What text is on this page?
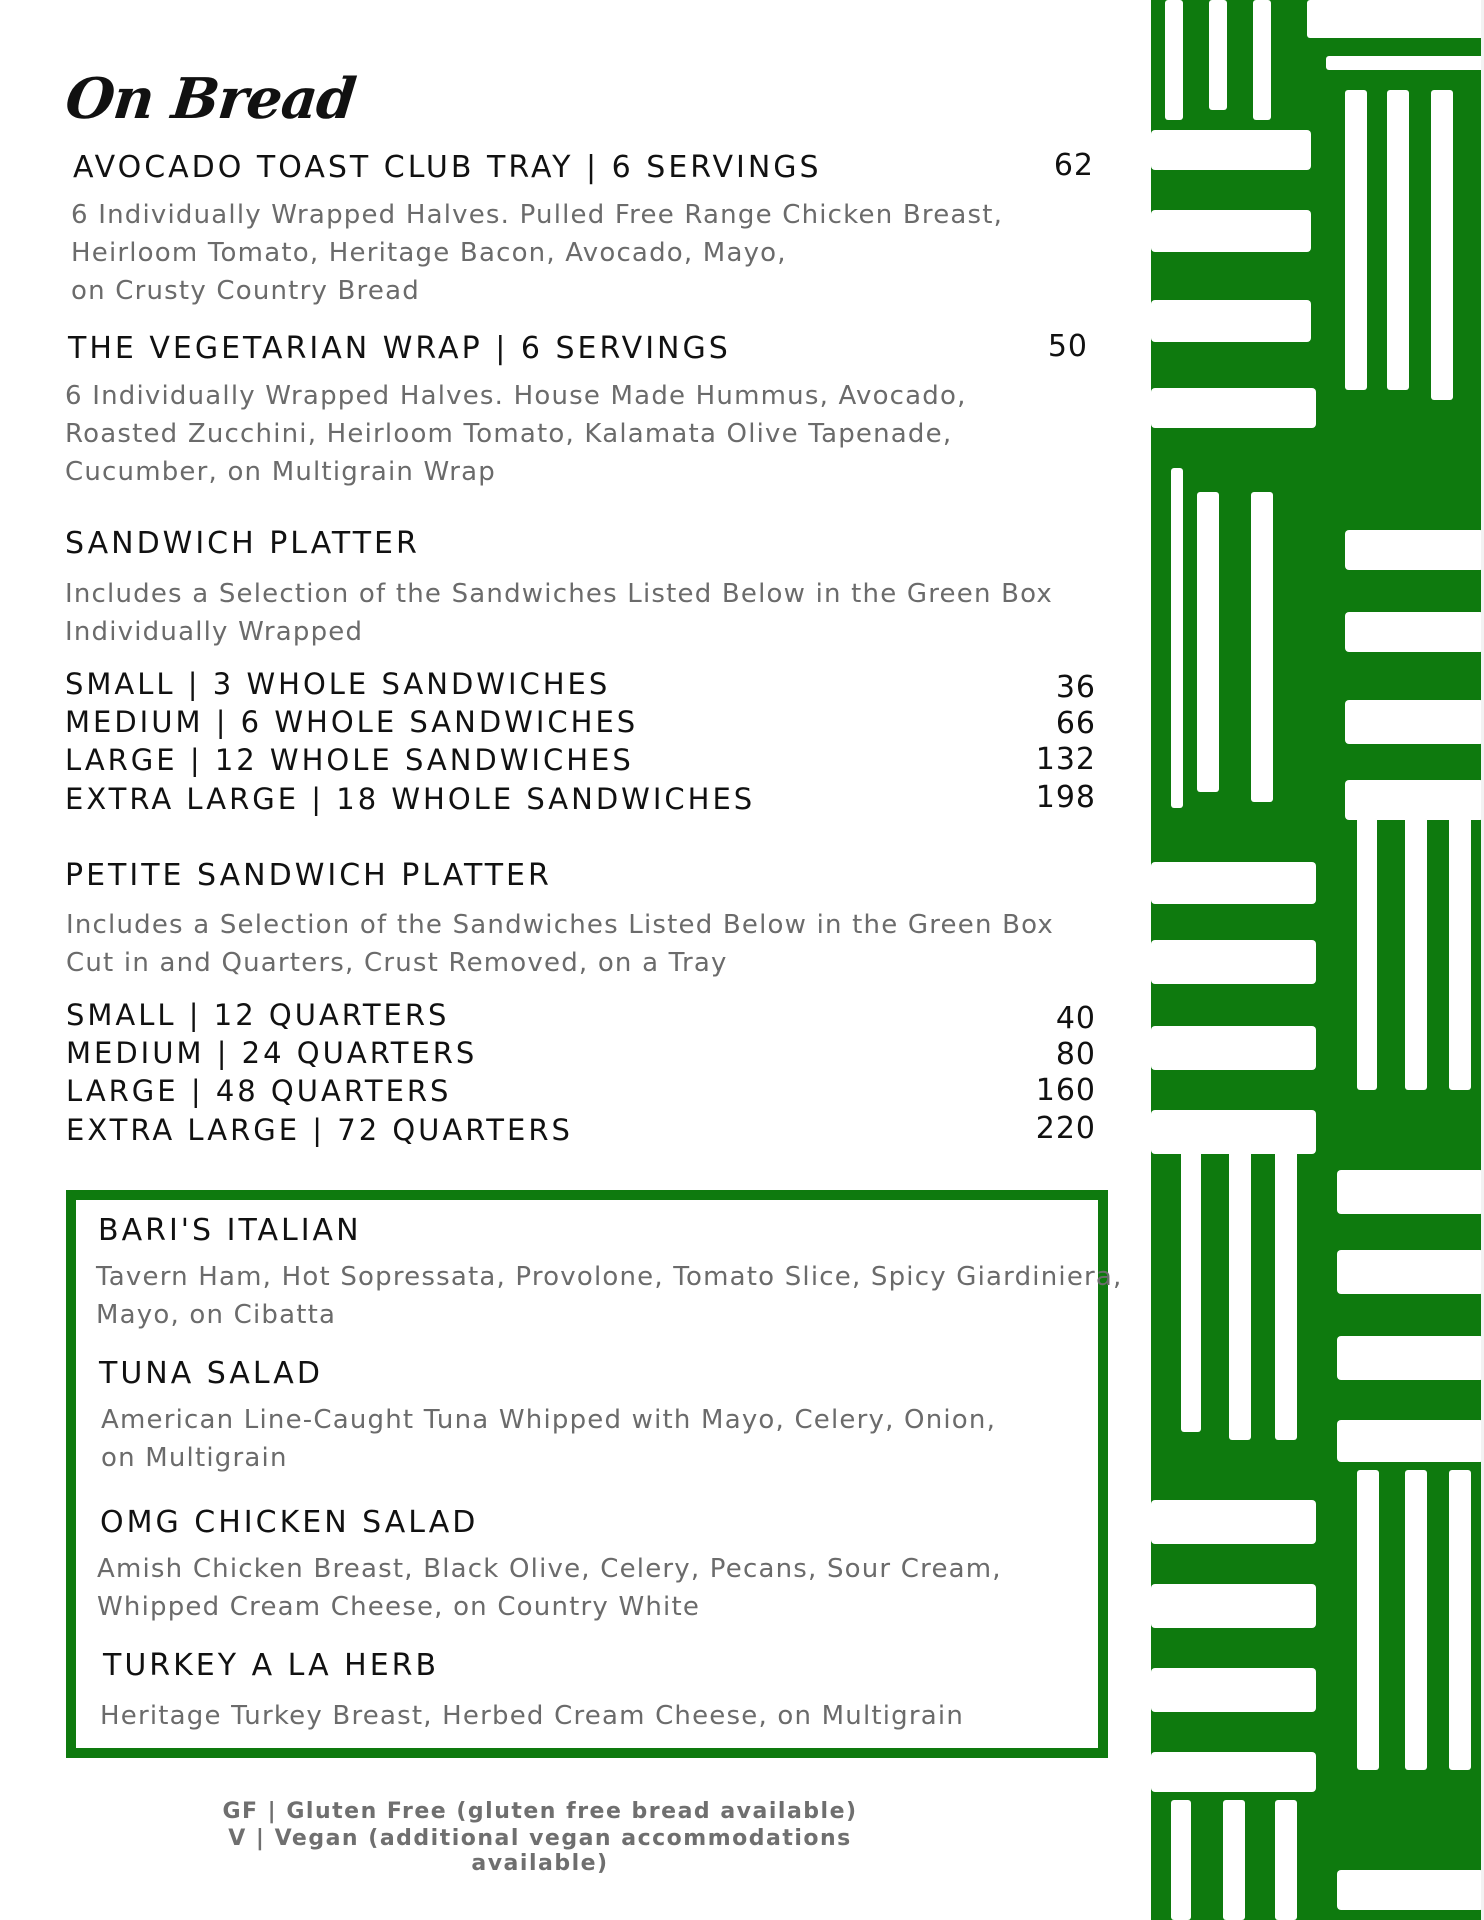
On Bread
AVOCADO TOAST CLUB TRAY | 6 SERVINGS	62
6 Individually Wrapped Halves. Pulled Free Range Chicken Breast,
Heirloom Tomato, Heritage Bacon, Avocado, Mayo,
on Crusty Country Bread
THE VEGETARIAN WRAP | 6 SERVINGS	50
6 Individually Wrapped Halves. House Made Hummus, Avocado,
Roasted Zucchini, Heirloom Tomato, Kalamata Olive Tapenade,
Cucumber, on Multigrain Wrap
SANDWICH PLATTER
Includes a Selection of the Sandwiches Listed Below in the Green Box
Individually Wrapped
SMALL | 3 WHOLE SANDWICHES	36
MEDIUM | 6 WHOLE SANDWICHES	66
LARGE | 12 WHOLE SANDWICHES	132
EXTRA LARGE | 18 WHOLE SANDWICHES	198
PETITE SANDWICH PLATTER
Includes a Selection of the Sandwiches Listed Below in the Green Box
Cut in and Quarters, Crust Removed, on a Tray
SMALL | 12 QUARTERS	40
MEDIUM | 24 QUARTERS	80
LARGE | 48 QUARTERS	160
EXTRA LARGE | 72 QUARTERS	220
BARI'S ITALIAN
Tavern Ham, Hot Sopressata, Provolone, Tomato Slice, Spicy Giardiniera,
Mayo, on Cibatta
TUNA SALAD
American Line-Caught Tuna Whipped with Mayo, Celery, Onion,
on Multigrain
OMG CHICKEN SALAD
Amish Chicken Breast, Black Olive, Celery, Pecans, Sour Cream,
Whipped Cream Cheese, on Country White
TURKEY A LA HERB
Heritage Turkey Breast, Herbed Cream Cheese, on Multigrain
GF | Gluten Free (gluten free bread available)
V | Vegan (additional vegan accommodations available)
